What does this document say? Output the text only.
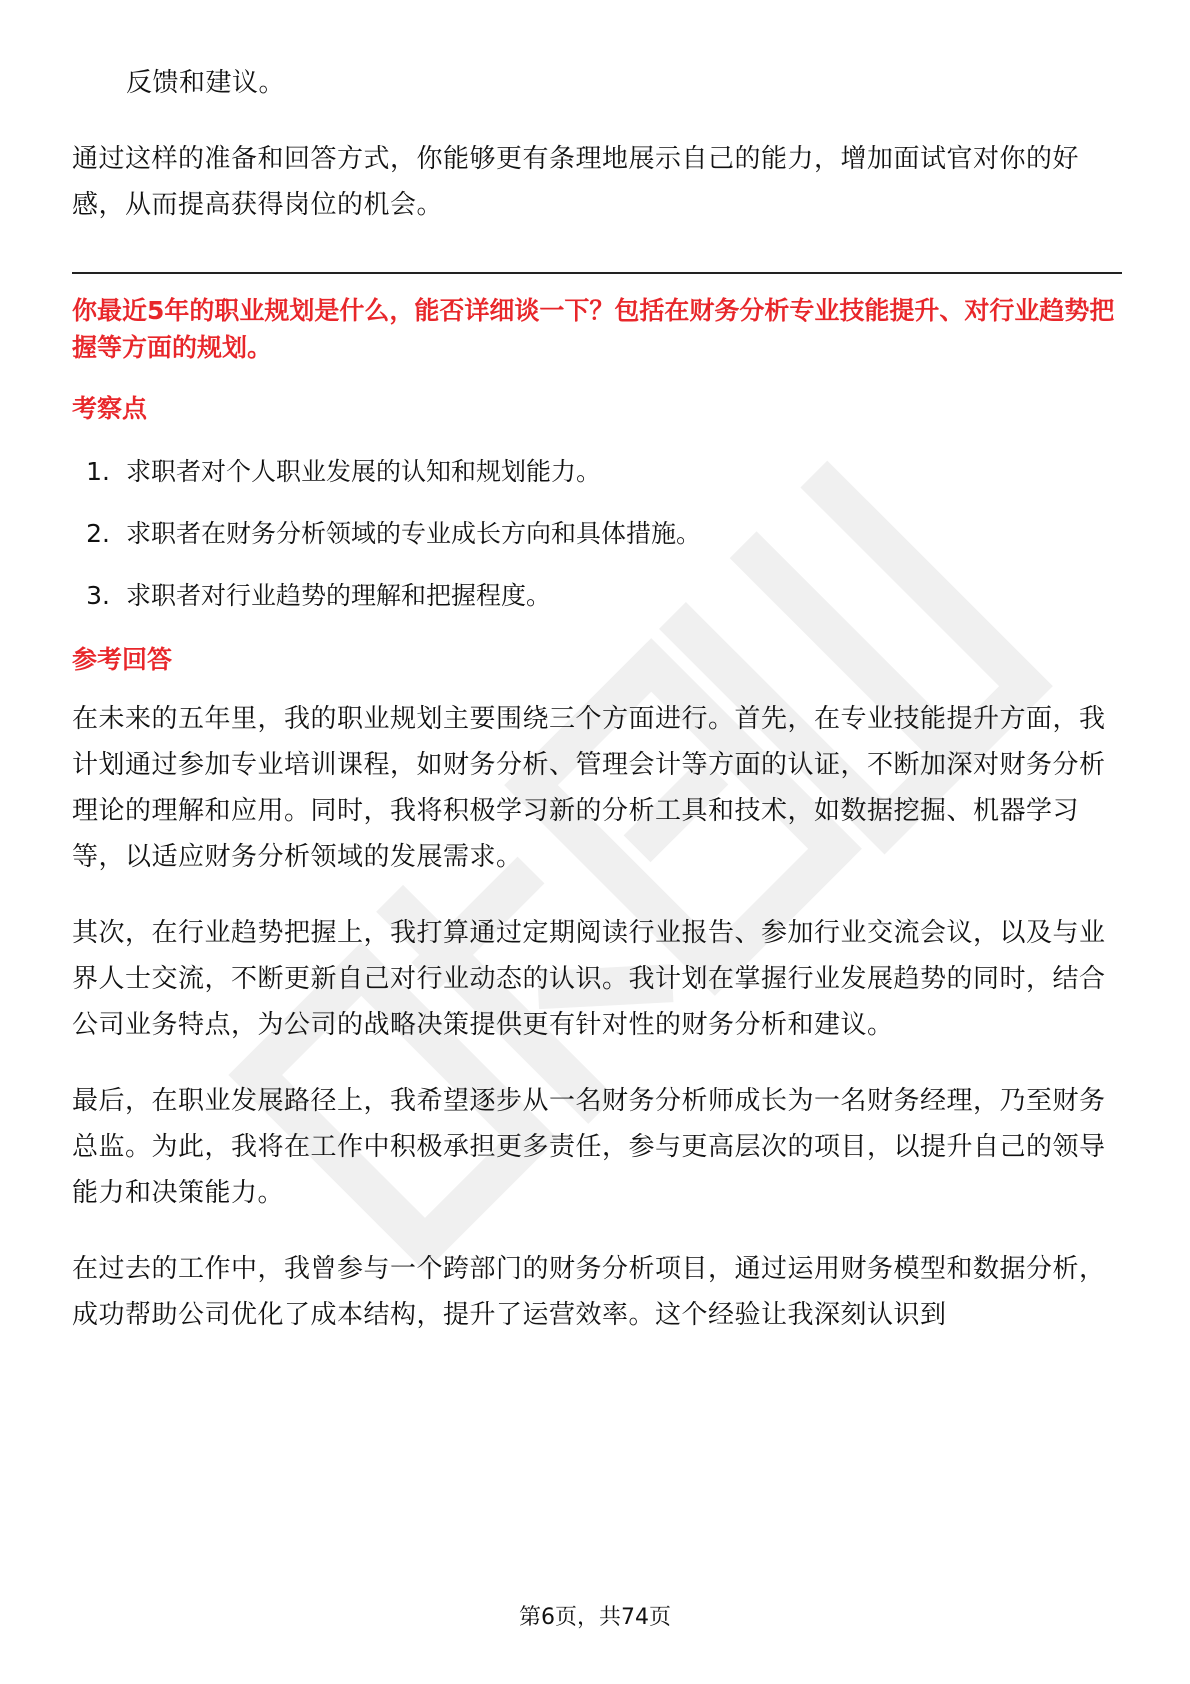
反馈和建议。

通过这样的准备和回答方式，你能够更有条理地展示自己的能力，增加面试官对你的好感，从而提高获得岗位的机会。

你最近5年的职业规划是什么，能否详细谈一下？包括在财务分析专业技能提升、对行业趋势把握等方面的规划。
考察点
1. 求职者对个人职业发展的认知和规划能力。
2. 求职者在财务分析领域的专业成长方向和具体措施。
3. 求职者对行业趋势的理解和把握程度。
参考回答

在未来的五年里，我的职业规划主要围绕三个方面进行。首先，在专业技能提升方面，我计划通过参加专业培训课程，如财务分析、管理会计等方面的认证，不断加深对财务分析理论的理解和应用。同时，我将积极学习新的分析工具和技术，如数据挖掘、机器学习等，以适应财务分析领域的发展需求。

其次，在行业趋势把握上，我打算通过定期阅读行业报告、参加行业交流会议，以及与业界人士交流，不断更新自己对行业动态的认识。我计划在掌握行业发展趋势的同时，结合公司业务特点，为公司的战略决策提供更有针对性的财务分析和建议。

最后，在职业发展路径上，我希望逐步从一名财务分析师成长为一名财务经理，乃至财务总监。为此，我将在工作中积极承担更多责任，参与更高层次的项目，以提升自己的领导能力和决策能力。

在过去的工作中，我曾参与一个跨部门的财务分析项目，通过运用财务模型和数据分析，成功帮助公司优化了成本结构，提升了运营效率。这个经验让我深刻认识到

第6页，共74页
